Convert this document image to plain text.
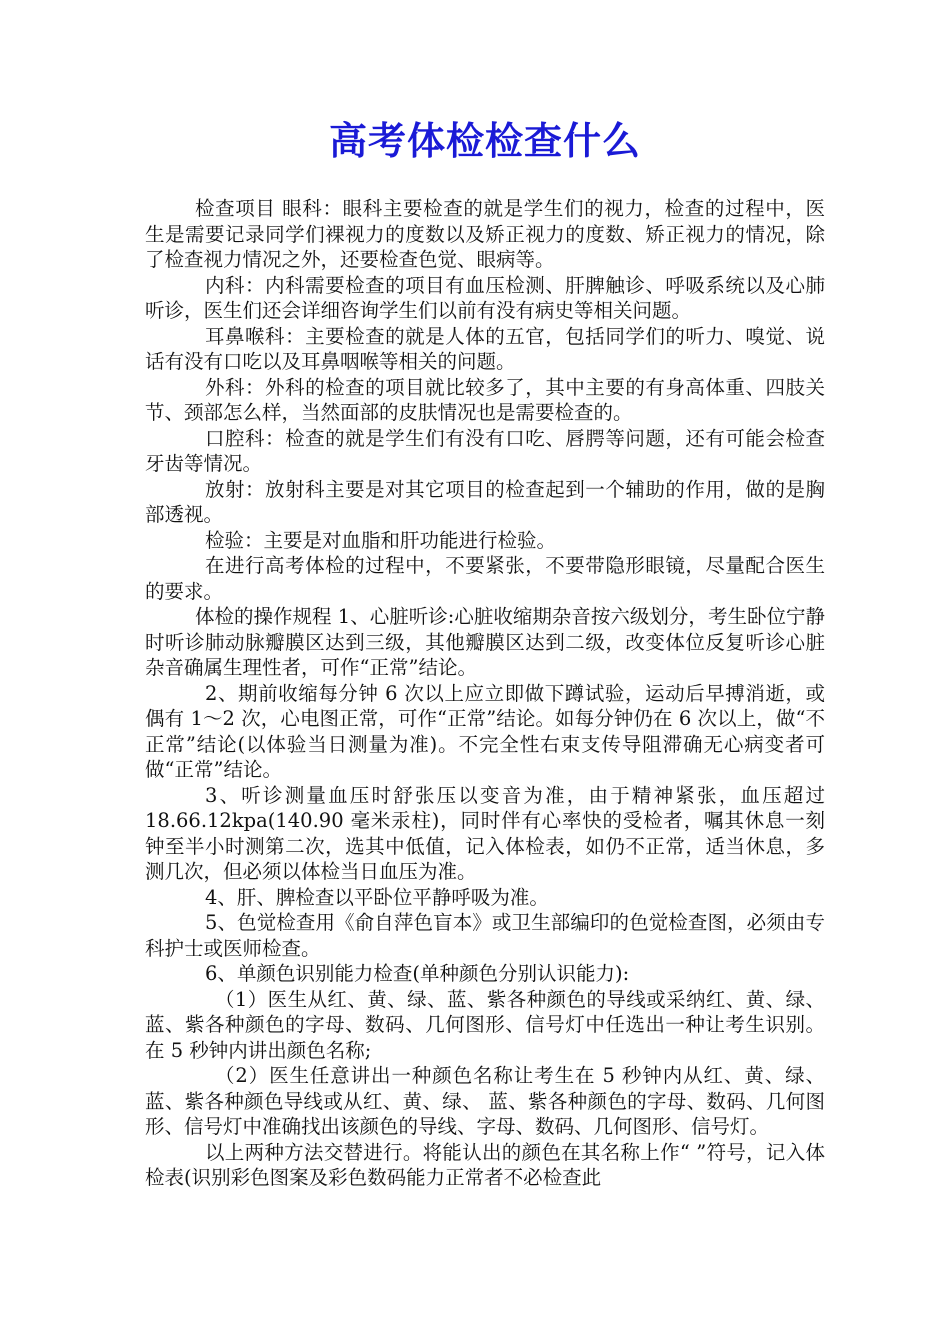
高考体检检查什么

检查项目 眼科：眼科主要检查的就是学生们的视力，检查的过程中，医生是需要记录同学们裸视力的度数以及矫正视力的度数、矫正视力的情况，除了检查视力情况之外，还要检查色觉、眼病等。

内科：内科需要检查的项目有血压检测、肝脾触诊、呼吸系统以及心肺听诊，医生们还会详细咨询学生们以前有没有病史等相关问题。

耳鼻喉科：主要检查的就是人体的五官，包括同学们的听力、嗅觉、说话有没有口吃以及耳鼻咽喉等相关的问题。

外科：外科的检查的项目就比较多了，其中主要的有身高体重、四肢关节、颈部怎么样，当然面部的皮肤情况也是需要检查的。

口腔科：检查的就是学生们有没有口吃、唇腭等问题，还有可能会检查牙齿等情况。

放射：放射科主要是对其它项目的检查起到一个辅助的作用，做的是胸部透视。

检验：主要是对血脂和肝功能进行检验。

在进行高考体检的过程中，不要紧张，不要带隐形眼镜，尽量配合医生的要求。

体检的操作规程 1、心脏听诊:心脏收缩期杂音按六级划分，考生卧位宁静时听诊肺动脉瓣膜区达到三级，其他瓣膜区达到二级，改变体位反复听诊心脏杂音确属生理性者，可作“正常”结论。

2、期前收缩每分钟 6 次以上应立即做下蹲试验，运动后早搏消逝，或偶有 1～2 次，心电图正常，可作“正常”结论。如每分钟仍在 6 次以上，做“不正常”结论(以体验当日测量为准)。不完全性右束支传导阻滞确无心病变者可做“正常”结论。

3、听诊测量血压时舒张压以变音为准，由于精神紧张，血压超过 18.66.12kpa(140.90 毫米汞柱)，同时伴有心率快的受检者，嘱其休息一刻钟至半小时测第二次，选其中低值，记入体检表，如仍不正常，适当休息，多测几次，但必须以体检当日血压为准。

4、肝、脾检查以平卧位平静呼吸为准。

5、色觉检查用《俞自萍色盲本》或卫生部编印的色觉检查图，必须由专科护士或医师检查。

6、单颜色识别能力检查(单种颜色分别认识能力):

（1）医生从红、黄、绿、蓝、紫各种颜色的导线或采纳红、黄、绿、蓝、紫各种颜色的字母、数码、几何图形、信号灯中任选出一种让考生识别。在 5 秒钟内讲出颜色名称;

（2）医生任意讲出一种颜色名称让考生在 5 秒钟内从红、黄、绿、蓝、紫各种颜色导线或从红、黄、绿、 蓝、紫各种颜色的字母、数码、几何图形、信号灯中准确找出该颜色的导线、字母、数码、几何图形、信号灯。

以上两种方法交替进行。将能认出的颜色在其名称上作“ ”符号，记入体检表(识别彩色图案及彩色数码能力正常者不必检查此
